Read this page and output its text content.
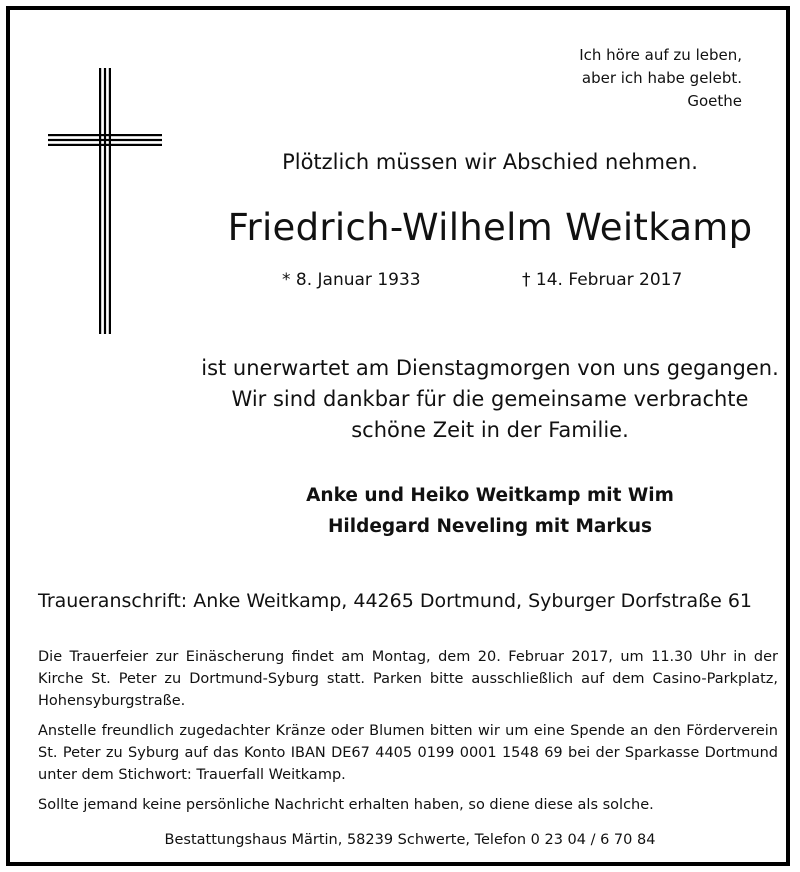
Ich höre auf zu leben,
aber ich habe gelebt.
Goethe
Plötzlich müssen wir Abschied nehmen.
Friedrich-Wilhelm Weitkamp
* 8. Januar 1933	† 14. Februar 2017
ist unerwartet am Dienstagmorgen von uns gegangen.
Wir sind dankbar für die gemeinsame verbrachte
schöne Zeit in der Familie.
Anke und Heiko Weitkamp mit Wim
Hildegard Neveling mit Markus
Traueranschrift: Anke Weitkamp, 44265 Dortmund, Syburger Dorfstraße 61

Die Trauerfeier zur Einäscherung findet am Montag, dem 20. Februar 2017, um 11.30 Uhr in der Kirche St. Peter zu Dortmund-Syburg statt. Parken bitte ausschließlich auf dem Casino-Parkplatz, Hohensyburgstraße.

Anstelle freundlich zugedachter Kränze oder Blumen bitten wir um eine Spende an den Förderverein St. Peter zu Syburg auf das Konto IBAN DE67 4405 0199 0001 1548 69 bei der Sparkasse Dortmund unter dem Stichwort: Trauerfall Weitkamp.

Sollte jemand keine persönliche Nachricht erhalten haben, so diene diese als solche.

Bestattungshaus Märtin, 58239 Schwerte, Telefon 0 23 04 / 6 70 84
